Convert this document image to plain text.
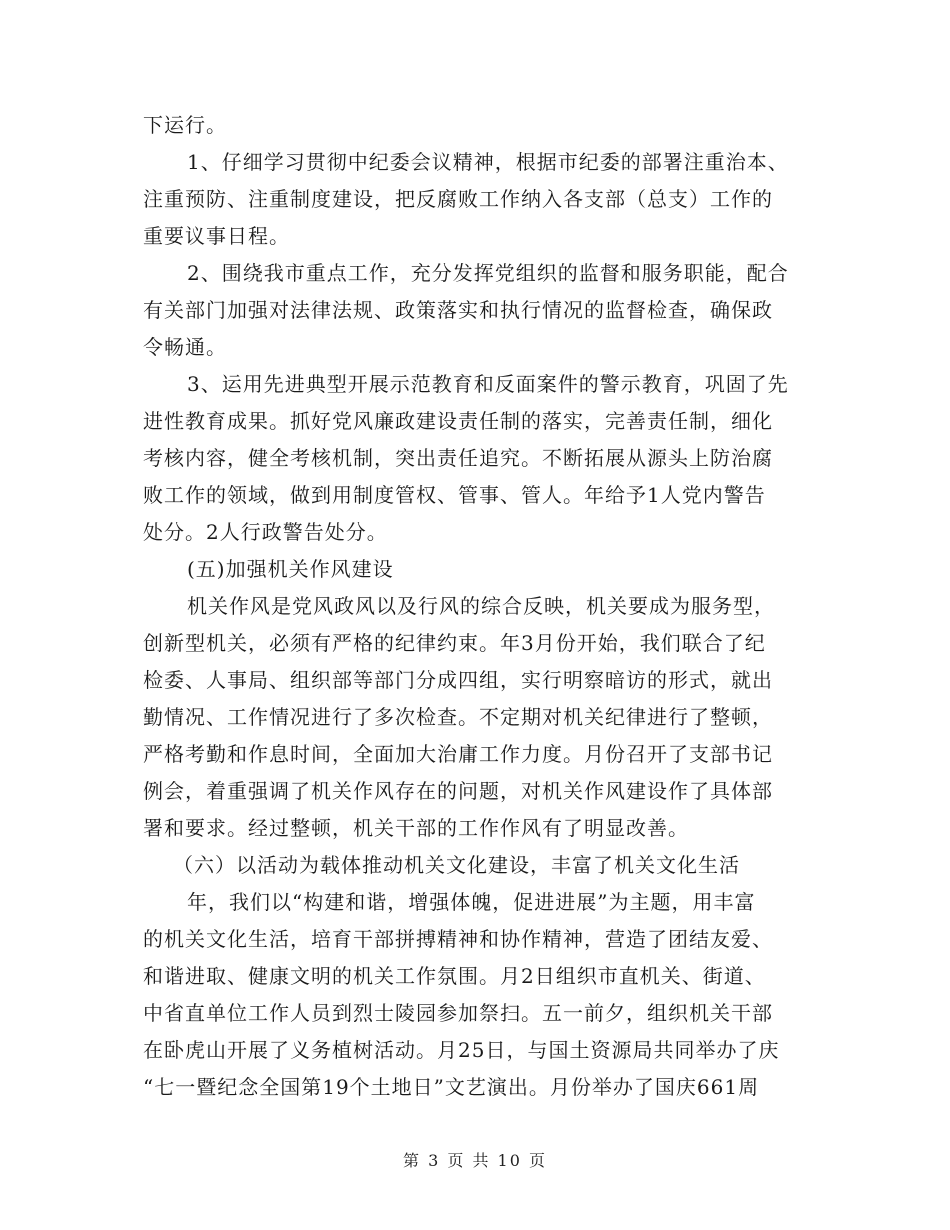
下运行。
1、仔细学习贯彻中纪委会议精神，根据市纪委的部署注重治本、
注重预防、注重制度建设，把反腐败工作纳入各支部（总支）工作的
重要议事日程。
2、围绕我市重点工作，充分发挥党组织的监督和服务职能，配合
有关部门加强对法律法规、政策落实和执行情况的监督检查，确保政
令畅通。
3、运用先进典型开展示范教育和反面案件的警示教育，巩固了先
进性教育成果。抓好党风廉政建设责任制的落实，完善责任制，细化
考核内容，健全考核机制，突出责任追究。不断拓展从源头上防治腐
败工作的领域，做到用制度管权、管事、管人。年给予1人党内警告
处分。2人行政警告处分。
(五)加强机关作风建设
机关作风是党风政风以及行风的综合反映，机关要成为服务型，
创新型机关，必须有严格的纪律约束。年3月份开始，我们联合了纪
检委、人事局、组织部等部门分成四组，实行明察暗访的形式，就出
勤情况、工作情况进行了多次检查。不定期对机关纪律进行了整顿，
严格考勤和作息时间，全面加大治庸工作力度。月份召开了支部书记
例会，着重强调了机关作风存在的问题，对机关作风建设作了具体部
署和要求。经过整顿，机关干部的工作作风有了明显改善。
（六）以活动为载体推动机关文化建设，丰富了机关文化生活
年，我们以“构建和谐，增强体魄，促进进展”为主题，用丰富
的机关文化生活，培育干部拼搏精神和协作精神，营造了团结友爱、
和谐进取、健康文明的机关工作氛围。月2日组织市直机关、街道、
中省直单位工作人员到烈士陵园参加祭扫。五一前夕，组织机关干部
在卧虎山开展了义务植树活动。月25日，与国土资源局共同举办了庆
“七一暨纪念全国第19个土地日”文艺演出。月份举办了国庆661周
第 3 页 共 10 页
